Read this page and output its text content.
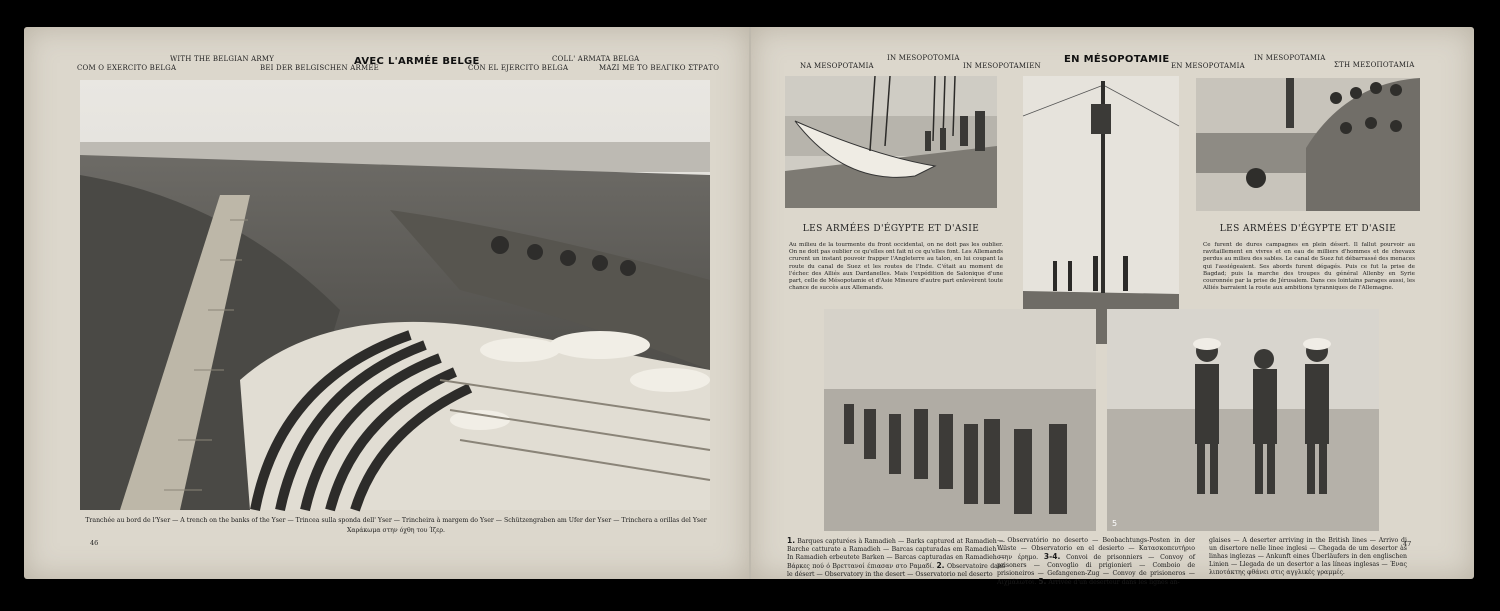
COM O EXERCITO BELGA
WITH THE BELGIAN ARMY
BEI DER BELGISCHEN ARMEE
AVEC L'ARMÉE BELGE
CON EL EJERCITO BELGA
COLL' ARMATA BELGA
ΜΑΖΙ ΜΕ ΤΟ ΒΕΛΓΙΚΟ ΣΤΡΑΤΟ
Tranchée au bord de l'Yser — A trench on the banks of the Yser — Trincea sulla sponda dell' Yser — Trincheira à margem do Yser — Schützengraben am Ufer der Yser — Trinchera a orillas del Yser
Χαράκωμα στην όχθη του Ίζερ.
46
NA MESOPOTAMIA
IN MESOPOTOMIA
IN MESOPOTAMIEN
EN MÉSOPOTAMIE
EN MESOPOTAMIA
IN MESOPOTAMIA
ΣΤΗ ΜΕΣΟΠΟΤΑΜΙΑ
LES ARMÉES D'ÉGYPTE ET D'ASIE
Au milieu de la tourmente du front occidental, on ne doit pas les oublier. On ne doit pas oublier ce qu'elles ont fait ni ce qu'elles font. Les Allemands crurent un instant pouvoir frapper l'Angleterre au talon, en lui coupant la route du canal de Suez et les routes de l'Inde. C'était au moment de l'échec des Alliés aux Dardanelles. Mais l'expédition de Salonique d'une part, celle de Mésopotamie et d'Asie Mineure d'autre part enlevèrent toute chance de succès aux Allemands.
LES ARMÉES D'ÉGYPTE ET D'ASIE
Ce furent de dures campagnes en plein désert. Il fallut pourvoir au ravitaillement en vivres et en eau de milliers d'hommes et de chevaux perdus au milieu des sables. Le canal de Suez fut débarrassé des menaces qui l'assiégeaient. Ses abords furent dégagés. Puis ce fut la prise de Bagdad; puis la marche des troupes du général Allenby en Syrie couronnée par la prise de Jérusalem. Dans ces lointains parages aussi, les Alliés barraient la route aux ambitions tyranniques de l'Allemagne.
5
1. Barques capturées à Ramadieh — Barks captured at Ramadieh — Barche catturate a Ramadieh — Barcas capturadas em Ramadieh — In Ramadieh erbeutete Barken — Barcas capturadas en Ramadieh — Βάρκες πού ό Βρεττανοί έπιασαν στο Ραμαδί. 2. Observatoire dans le désert — Observatory in the desert — Osservatorio nel deserto
— Observatório no deserto — Beobachtungs-Posten in der Wüste — Observatorio en el desierto — Κατασκοπευτήριο στην έρημο. 3-4. Convoi de prisonniers — Convoy of prisoners — Convoglio di prigionieri — Comboio de prisioneiros — Gefangenen-Zug — Convoy de prisioneros — Αιχμάλωτοι. 5. Arrivée d'un déserteur dans les lignes an-
glaises — A deserter arriving in the British lines — Arrivo di un disertore nelle linee inglesi — Chegada de um desertor às linhas inglezas — Ankunft eines Überläufers in den englischen Linien — Llegada de un desertor a las líneas inglesas — Ένας λιποτάκτης φθάνει στις αγγλικές γραμμές.
47
